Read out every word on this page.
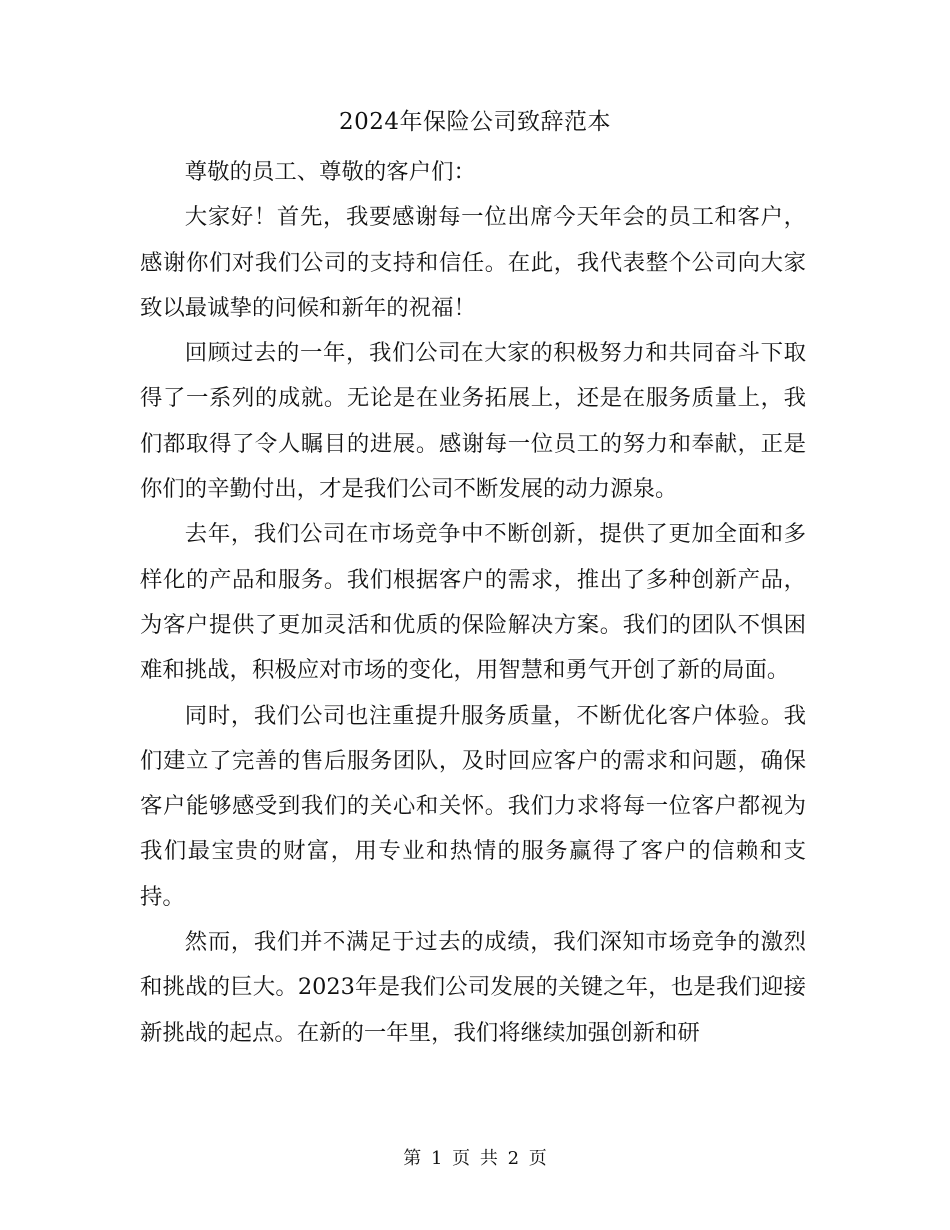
2024年保险公司致辞范本

尊敬的员工、尊敬的客户们：

大家好！首先，我要感谢每一位出席今天年会的员工和客户，感谢你们对我们公司的支持和信任。在此，我代表整个公司向大家致以最诚挚的问候和新年的祝福！

回顾过去的一年，我们公司在大家的积极努力和共同奋斗下取得了一系列的成就。无论是在业务拓展上，还是在服务质量上，我们都取得了令人瞩目的进展。感谢每一位员工的努力和奉献，正是你们的辛勤付出，才是我们公司不断发展的动力源泉。

去年，我们公司在市场竞争中不断创新，提供了更加全面和多样化的产品和服务。我们根据客户的需求，推出了多种创新产品，为客户提供了更加灵活和优质的保险解决方案。我们的团队不惧困难和挑战，积极应对市场的变化，用智慧和勇气开创了新的局面。

同时，我们公司也注重提升服务质量，不断优化客户体验。我们建立了完善的售后服务团队，及时回应客户的需求和问题，确保客户能够感受到我们的关心和关怀。我们力求将每一位客户都视为我们最宝贵的财富，用专业和热情的服务赢得了客户的信赖和支持。

然而，我们并不满足于过去的成绩，我们深知市场竞争的激烈和挑战的巨大。2023年是我们公司发展的关键之年，也是我们迎接新挑战的起点。在新的一年里，我们将继续加强创新和研

第 1 页 共 2 页
